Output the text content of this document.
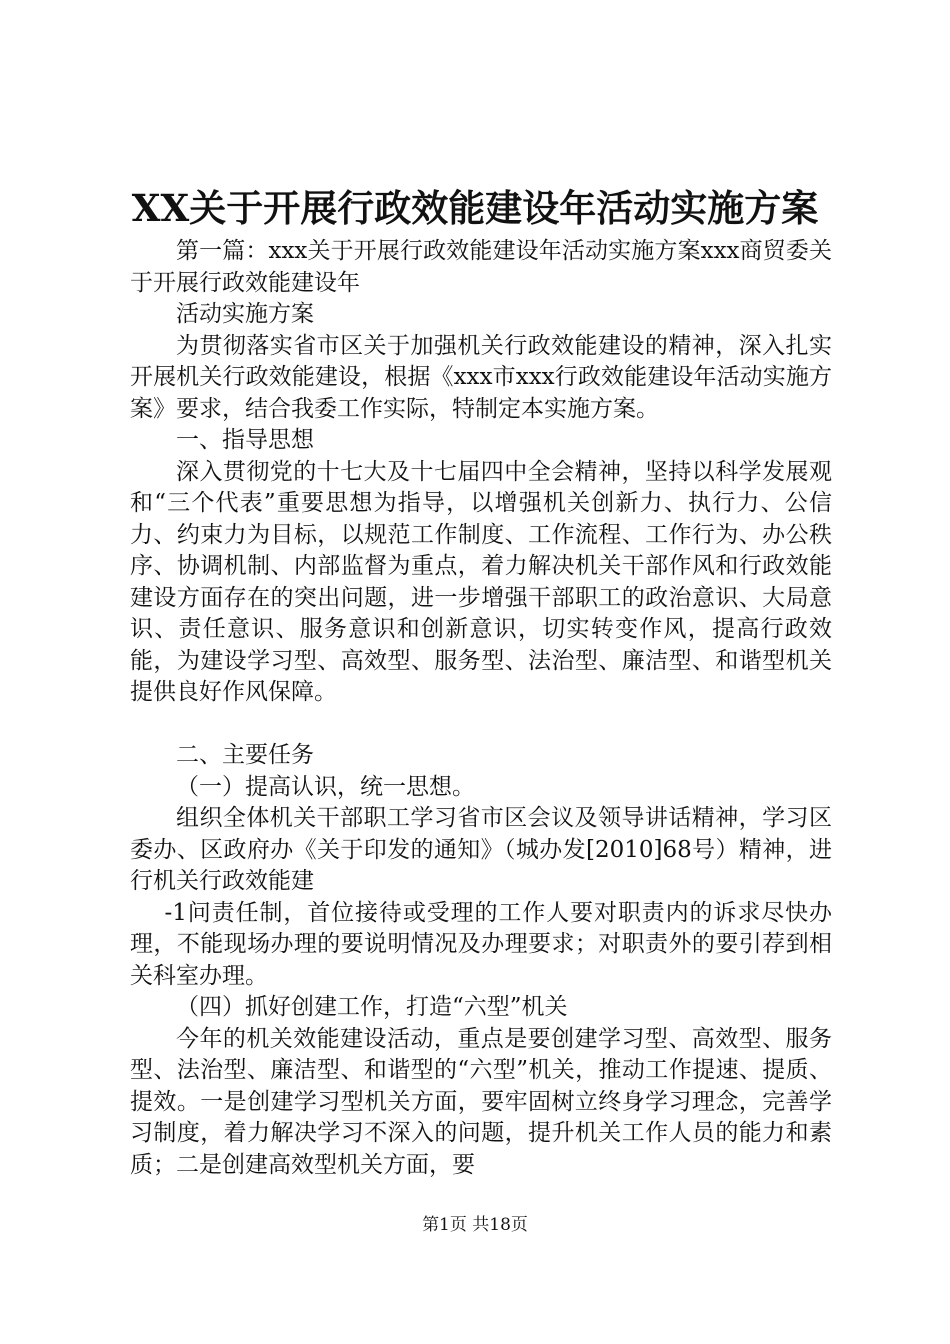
XX关于开展行政效能建设年活动实施方案

第一篇：xxx关于开展行政效能建设年活动实施方案xxx商贸委关于开展行政效能建设年

活动实施方案

为贯彻落实省市区关于加强机关行政效能建设的精神，深入扎实开展机关行政效能建设，根据《xxx市xxx行政效能建设年活动实施方案》要求，结合我委工作实际，特制定本实施方案。

一、指导思想

深入贯彻党的十七大及十七届四中全会精神，坚持以科学发展观和“三个代表”重要思想为指导，以增强机关创新力、执行力、公信力、约束力为目标，以规范工作制度、工作流程、工作行为、办公秩序、协调机制、内部监督为重点，着力解决机关干部作风和行政效能建设方面存在的突出问题，进一步增强干部职工的政治意识、大局意识、责任意识、服务意识和创新意识，切实转变作风，提高行政效能，为建设学习型、高效型、服务型、法治型、廉洁型、和谐型机关提供良好作风保障。

二、主要任务

（一）提高认识，统一思想。

组织全体机关干部职工学习省市区会议及领导讲话精神，学习区委办、区政府办《关于印发的通知》（城办发[2010]68号）精神，进行机关行政效能建

-1问责任制，首位接待或受理的工作人要对职责内的诉求尽快办理，不能现场办理的要说明情况及办理要求；对职责外的要引荐到相关科室办理。

（四）抓好创建工作，打造“六型”机关

今年的机关效能建设活动，重点是要创建学习型、高效型、服务型、法治型、廉洁型、和谐型的“六型”机关，推动工作提速、提质、提效。一是创建学习型机关方面，要牢固树立终身学习理念，完善学习制度，着力解决学习不深入的问题，提升机关工作人员的能力和素质；二是创建高效型机关方面，要

第1页 共18页
